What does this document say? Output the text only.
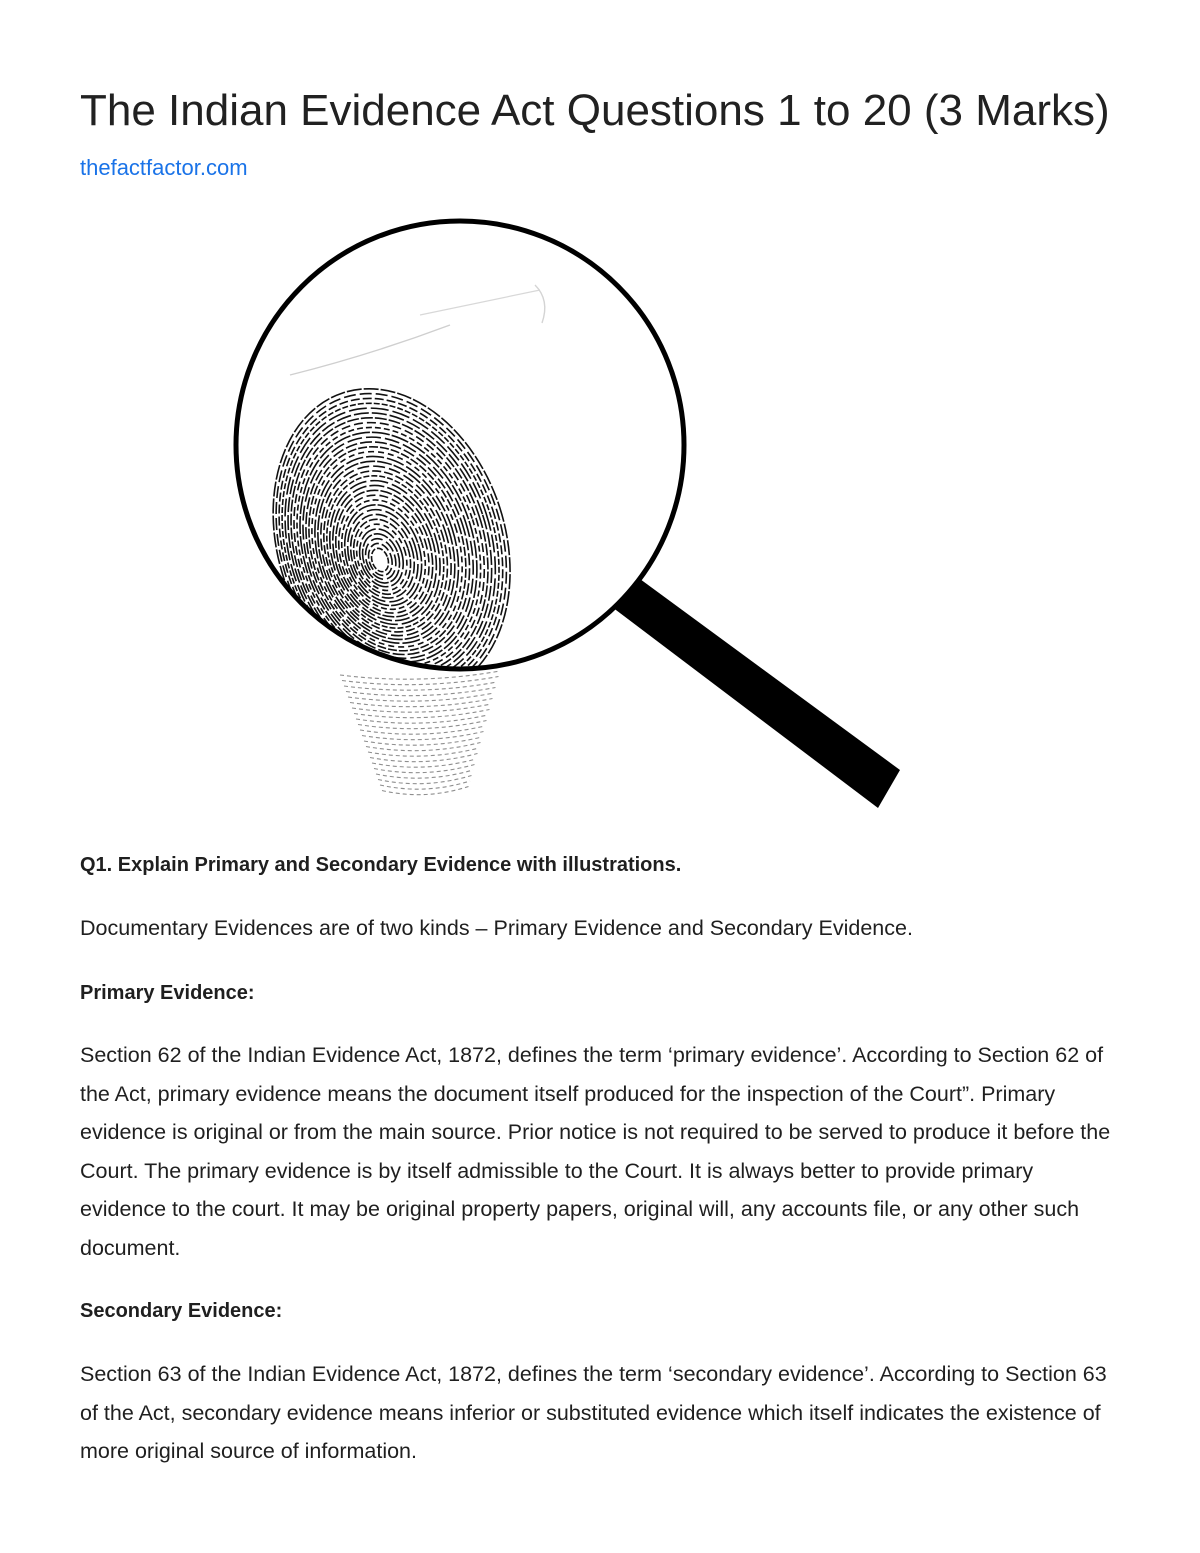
The Indian Evidence Act Questions 1 to 20 (3 Marks)
thefactfactor.com
Q1. Explain Primary and Secondary Evidence with illustrations.

Documentary Evidences are of two kinds – Primary Evidence and Secondary Evidence.

Primary Evidence:

Section 62 of the Indian Evidence Act, 1872, defines the term ‘primary evidence’. According to Section 62 of the Act, primary evidence means the document itself produced for the inspection of the Court”. Primary evidence is original or from the main source. Prior notice is not required to be served to produce it before the Court. The primary evidence is by itself admissible to the Court. It is always better to provide primary evidence to the court. It may be original property papers, original will, any accounts file, or any other such document.

Secondary Evidence:

Section 63 of the Indian Evidence Act, 1872, defines the term ‘secondary evidence’. According to Section 63 of the Act, secondary evidence means inferior or substituted evidence which itself indicates the existence of more original source of information.
